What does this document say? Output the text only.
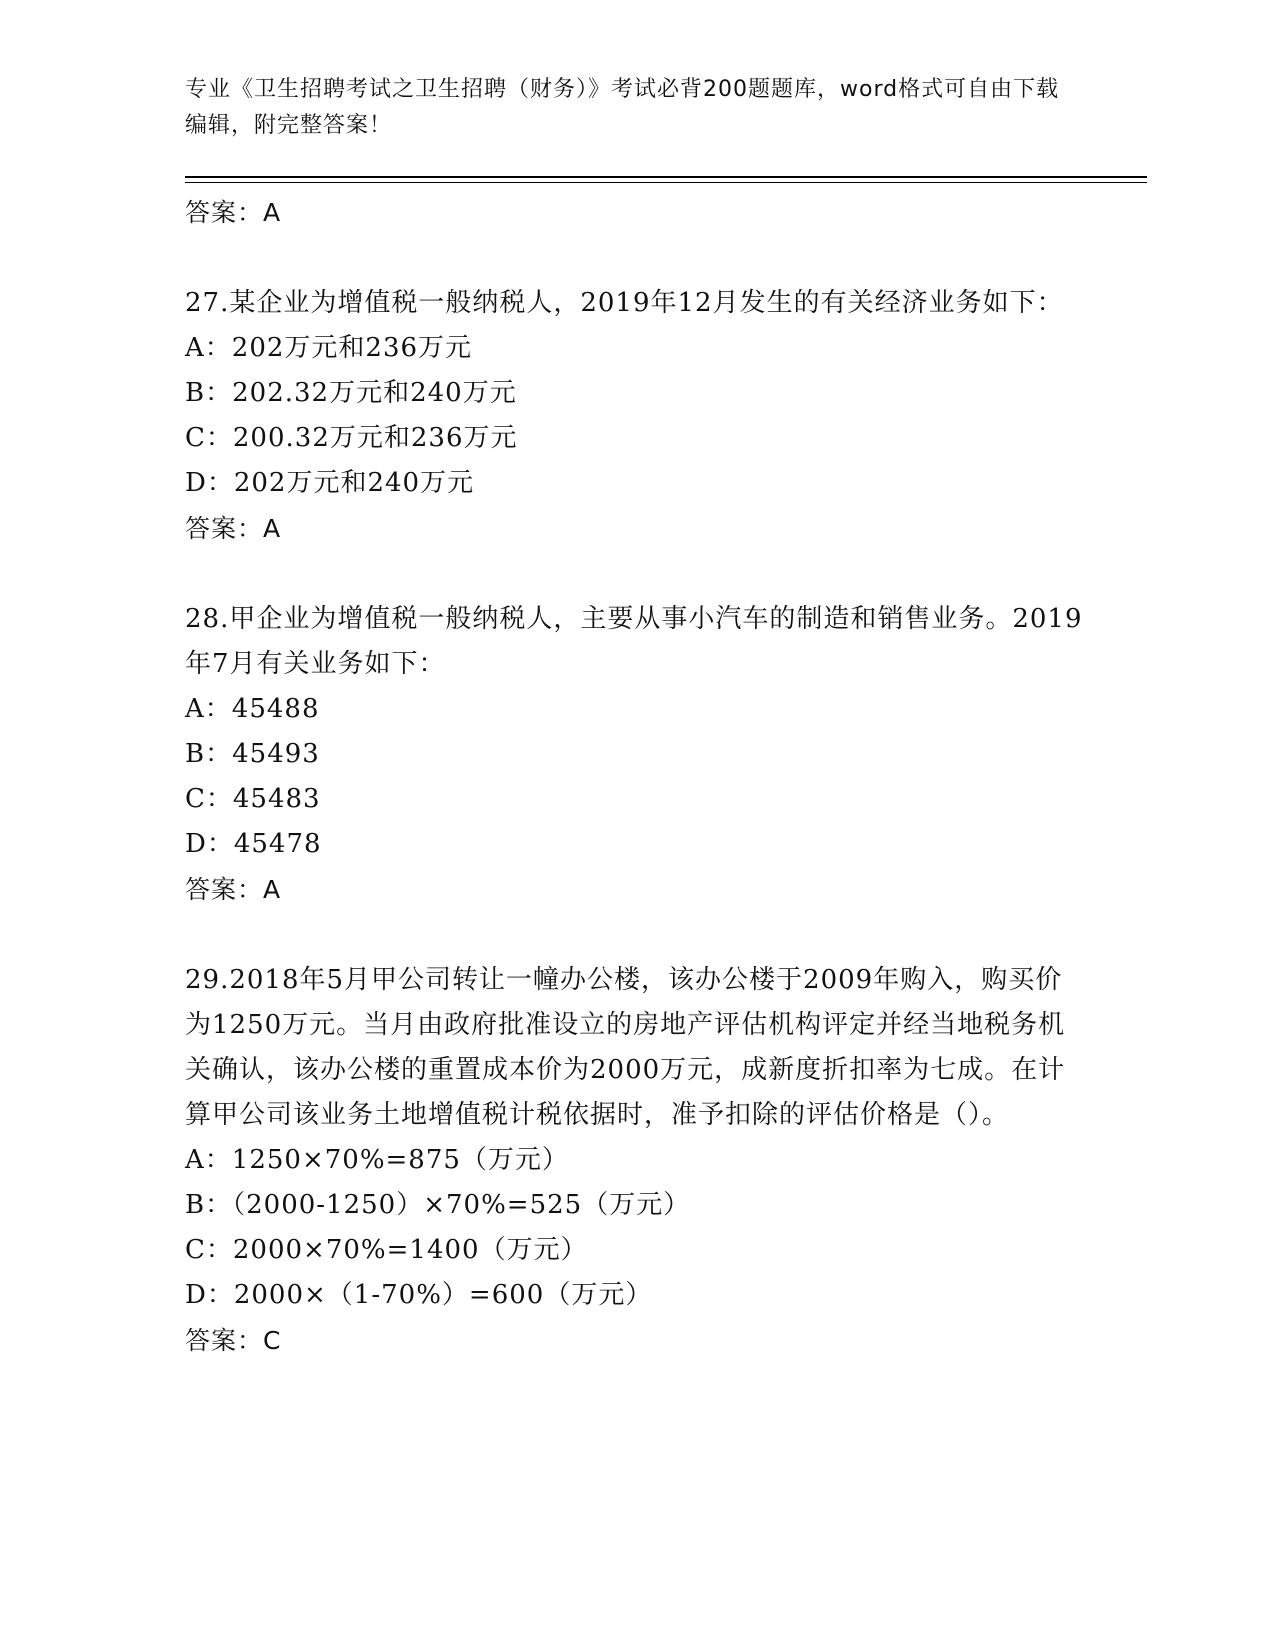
专业《卫生招聘考试之卫生招聘（财务）》考试必背200题题库，word格式可自由下载编辑，附完整答案！
答案：A
27.某企业为增值税一般纳税人，2019年12月发生的有关经济业务如下：
A：202万元和236万元
B：202.32万元和240万元
C：200.32万元和236万元
D：202万元和240万元
答案：A
28.甲企业为增值税一般纳税人，主要从事小汽车的制造和销售业务。2019年7月有关业务如下：
A：45488
B：45493
C：45483
D：45478
答案：A
29.2018年5月甲公司转让一幢办公楼，该办公楼于2009年购入，购买价为1250万元。当月由政府批准设立的房地产评估机构评定并经当地税务机关确认，该办公楼的重置成本价为2000万元，成新度折扣率为七成。在计算甲公司该业务土地增值税计税依据时，准予扣除的评估价格是（）。
A：1250×70%=875（万元）
B：（2000-1250）×70%=525（万元）
C：2000×70%=1400（万元）
D：2000×（1-70%）=600（万元）
答案：C
